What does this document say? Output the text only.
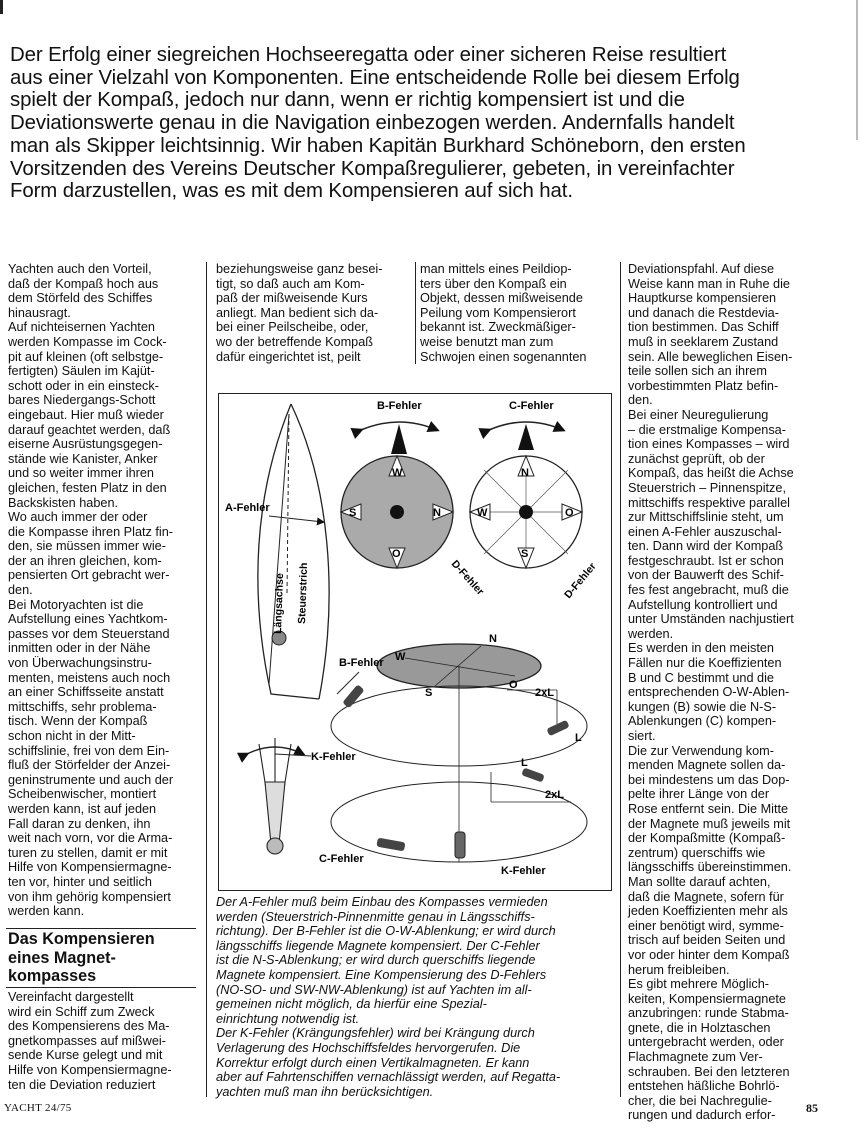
Der Erfolg einer siegreichen Hochseeregatta oder einer sicheren Reise resultiert
aus einer Vielzahl von Komponenten. Eine entscheidende Rolle bei diesem Erfolg
spielt der Kompaß, jedoch nur dann, wenn er richtig kompensiert ist und die
Deviationswerte genau in die Navigation einbezogen werden. Andernfalls handelt
man als Skipper leichtsinnig. Wir haben Kapitän Burkhard Schöneborn, den ersten
Vorsitzenden des Vereins Deutscher Kompaßregulierer, gebeten, in vereinfachter
Form darzustellen, was es mit dem Kompensieren auf sich hat.

Yachten auch den Vorteil,
daß der Kompaß hoch aus
dem Störfeld des Schiffes
hinausragt.
Auf nichteisernen Yachten
werden Kompasse im Cock-
pit auf kleinen (oft selbstge-
fertigten) Säulen im Kajüt-
schott oder in ein einsteck-
bares Niedergangs-Schott
eingebaut. Hier muß wieder
darauf geachtet werden, daß
eiserne Ausrüstungsgegen-
stände wie Kanister, Anker
und so weiter immer ihren
gleichen, festen Platz in den
Backskisten haben.
Wo auch immer der oder
die Kompasse ihren Platz fin-
den, sie müssen immer wie-
der an ihren gleichen, kom-
pensierten Ort gebracht wer-
den.
Bei Motoryachten ist die
Aufstellung eines Yachtkom-
passes vor dem Steuerstand
inmitten oder in der Nähe
von Überwachungsinstru-
menten, meistens auch noch
an einer Schiffsseite anstatt
mittschiffs, sehr problema-
tisch. Wenn der Kompaß
schon nicht in der Mitt-
schiffslinie, frei von dem Ein-
fluß der Störfelder der Anzei-
geninstrumente und auch der
Scheibenwischer, montiert
werden kann, ist auf jeden
Fall daran zu denken, ihn
weit nach vorn, vor die Arma-
turen zu stellen, damit er mit
Hilfe von Kompensiermagne-
ten vor, hinter und seitlich
von ihm gehörig kompensiert
werden kann.

Das Kompensieren
eines Magnet-
kompasses

Vereinfacht dargestellt
wird ein Schiff zum Zweck
des Kompensierens des Ma-
gnetkompasses auf mißwei-
sende Kurse gelegt und mit
Hilfe von Kompensiermagne-
ten die Deviation reduziert

beziehungsweise ganz besei-
tigt, so daß auch am Kom-
paß der mißweisende Kurs
anliegt. Man bedient sich da-
bei einer Peilscheibe, oder,
wo der betreffende Kompaß
dafür eingerichtet ist, peilt

man mittels eines Peildiop-
ters über den Kompaß ein
Objekt, dessen mißweisende
Peilung vom Kompensierort
bekannt ist. Zweckmäßiger-
weise benutzt man zum
Schwojen einen sogenannten

Deviationspfahl. Auf diese
Weise kann man in Ruhe die
Hauptkurse kompensieren
und danach die Restdevia-
tion bestimmen. Das Schiff
muß in seeklarem Zustand
sein. Alle beweglichen Eisen-
teile sollen sich an ihrem
vorbestimmten Platz befin-
den.
Bei einer Neuregulierung
– die erstmalige Kompensa-
tion eines Kompasses – wird
zunächst geprüft, ob der
Kompaß, das heißt die Achse
Steuerstrich – Pinnenspitze,
mittschiffs respektive parallel
zur Mittschiffslinie steht, um
einen A-Fehler auszuschal-
ten. Dann wird der Kompaß
festgeschraubt. Ist er schon
von der Bauwerft des Schif-
fes fest angebracht, muß die
Aufstellung kontrolliert und
unter Umständen nachjustiert
werden.
Es werden in den meisten
Fällen nur die Koeffizienten
B und C bestimmt und die
entsprechenden O-W-Ablen-
kungen (B) sowie die N-S-
Ablenkungen (C) kompen-
siert.
Die zur Verwendung kom-
menden Magnete sollen da-
bei mindestens um das Dop-
pelte ihrer Länge von der
Rose entfernt sein. Die Mitte
der Magnete muß jeweils mit
der Kompaßmitte (Kompaß-
zentrum) querschiffs wie
längsschiffs übereinstimmen.
Man sollte darauf achten,
daß die Magnete, sofern für
jeden Koeffizienten mehr als
einer benötigt wird, symme-
trisch auf beiden Seiten und
vor oder hinter dem Kompaß
herum freibleiben.
Es gibt mehrere Möglich-
keiten, Kompensiermagnete
anzubringen: runde Stabma-
gnete, die in Holztaschen
untergebracht werden, oder
Flachmagnete zum Ver-
schrauben. Bei den letzteren
entstehen häßliche Bohrlö-
cher, die bei Nachregulie-
rungen und dadurch erfor-

A-Fehler
Längsachse Steuerstrich
W
O
S	N
B-Fehler
N
S
W	O
C-Fehler
D-Fehler	D-Fehler
N
W
S
O
2xL
2xL
L
L
B-Fehler
C-Fehler
K-Fehler
K-Fehler

Der A-Fehler muß beim Einbau des Kompasses vermieden
werden (Steuerstrich-Pinnenmitte genau in Längsschiffs-
richtung). Der B-Fehler ist die O-W-Ablenkung; er wird durch
längsschiffs liegende Magnete kompensiert. Der C-Fehler
ist die N-S-Ablenkung; er wird durch querschiffs liegende
Magnete kompensiert. Eine Kompensierung des D-Fehlers
(NO-SO- und SW-NW-Ablenkung) ist auf Yachten im all-
gemeinen nicht möglich, da hierfür eine Spezial-
einrichtung notwendig ist.
Der K-Fehler (Krängungsfehler) wird bei Krängung durch
Verlagerung des Hochschiffsfeldes hervorgerufen. Die
Korrektur erfolgt durch einen Vertikalmagneten. Er kann
aber auf Fahrtenschiffen vernachlässigt werden, auf Regatta-
yachten muß man ihn berücksichtigen.

YACHT 24/75	85
